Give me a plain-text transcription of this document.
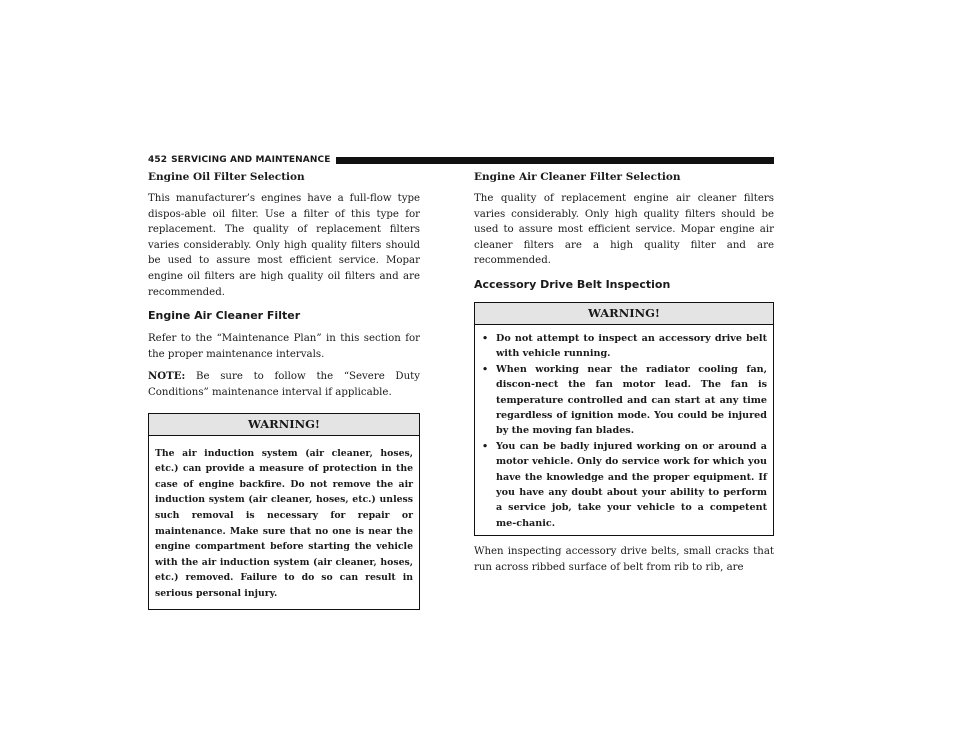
452 SERVICING AND MAINTENANCE
Engine Oil Filter Selection

This manufacturer’s engines have a full-flow type dispos-able oil filter. Use a filter of this type for replacement. The quality of replacement filters varies considerably. Only high quality filters should be used to assure most efficient service. Mopar engine oil filters are high quality oil filters and are recommended.

Engine Air Cleaner Filter

Refer to the “Maintenance Plan” in this section for the proper maintenance intervals.

NOTE: Be sure to follow the “Severe Duty Conditions” maintenance interval if applicable.

WARNING!
The air induction system (air cleaner, hoses, etc.) can provide a measure of protection in the case of engine backfire. Do not remove the air induction system (air cleaner, hoses, etc.) unless such removal is necessary for repair or maintenance. Make sure that no one is near the engine compartment before starting the vehicle with the air induction system (air cleaner, hoses, etc.) removed. Failure to do so can result in serious personal injury.
Engine Air Cleaner Filter Selection

The quality of replacement engine air cleaner filters varies considerably. Only high quality filters should be used to assure most efficient service. Mopar engine air cleaner filters are a high quality filter and are recommended.

Accessory Drive Belt Inspection
WARNING!
• Do not attempt to inspect an accessory drive belt with vehicle running.
• When working near the radiator cooling fan, discon-nect the fan motor lead. The fan is temperature controlled and can start at any time regardless of ignition mode. You could be injured by the moving fan blades.
• You can be badly injured working on or around a motor vehicle. Only do service work for which you have the knowledge and the proper equipment. If you have any doubt about your ability to perform a service job, take your vehicle to a competent me-chanic.

When inspecting accessory drive belts, small cracks that run across ribbed surface of belt from rib to rib, are
